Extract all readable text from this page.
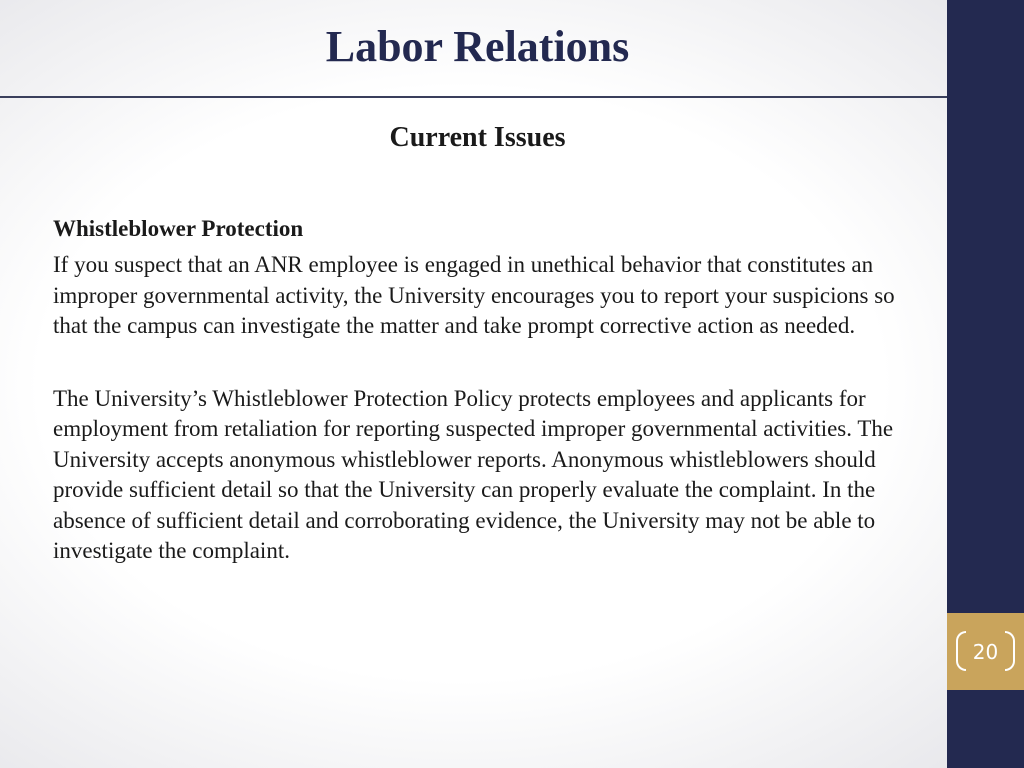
20
Labor Relations
Current Issues
Whistleblower Protection

If you suspect that an ANR employee is engaged in unethical behavior that constitutes an improper governmental activity, the University encourages you to report your suspicions so that the campus can investigate the matter and take prompt corrective action as needed.

The University’s Whistleblower Protection Policy protects employees and applicants for employment from retaliation for reporting suspected improper governmental activities. The University accepts anonymous whistleblower reports. Anonymous whistleblowers should provide sufficient detail so that the University can properly evaluate the complaint. In the absence of sufficient detail and corroborating evidence, the University may not be able to investigate the complaint.
